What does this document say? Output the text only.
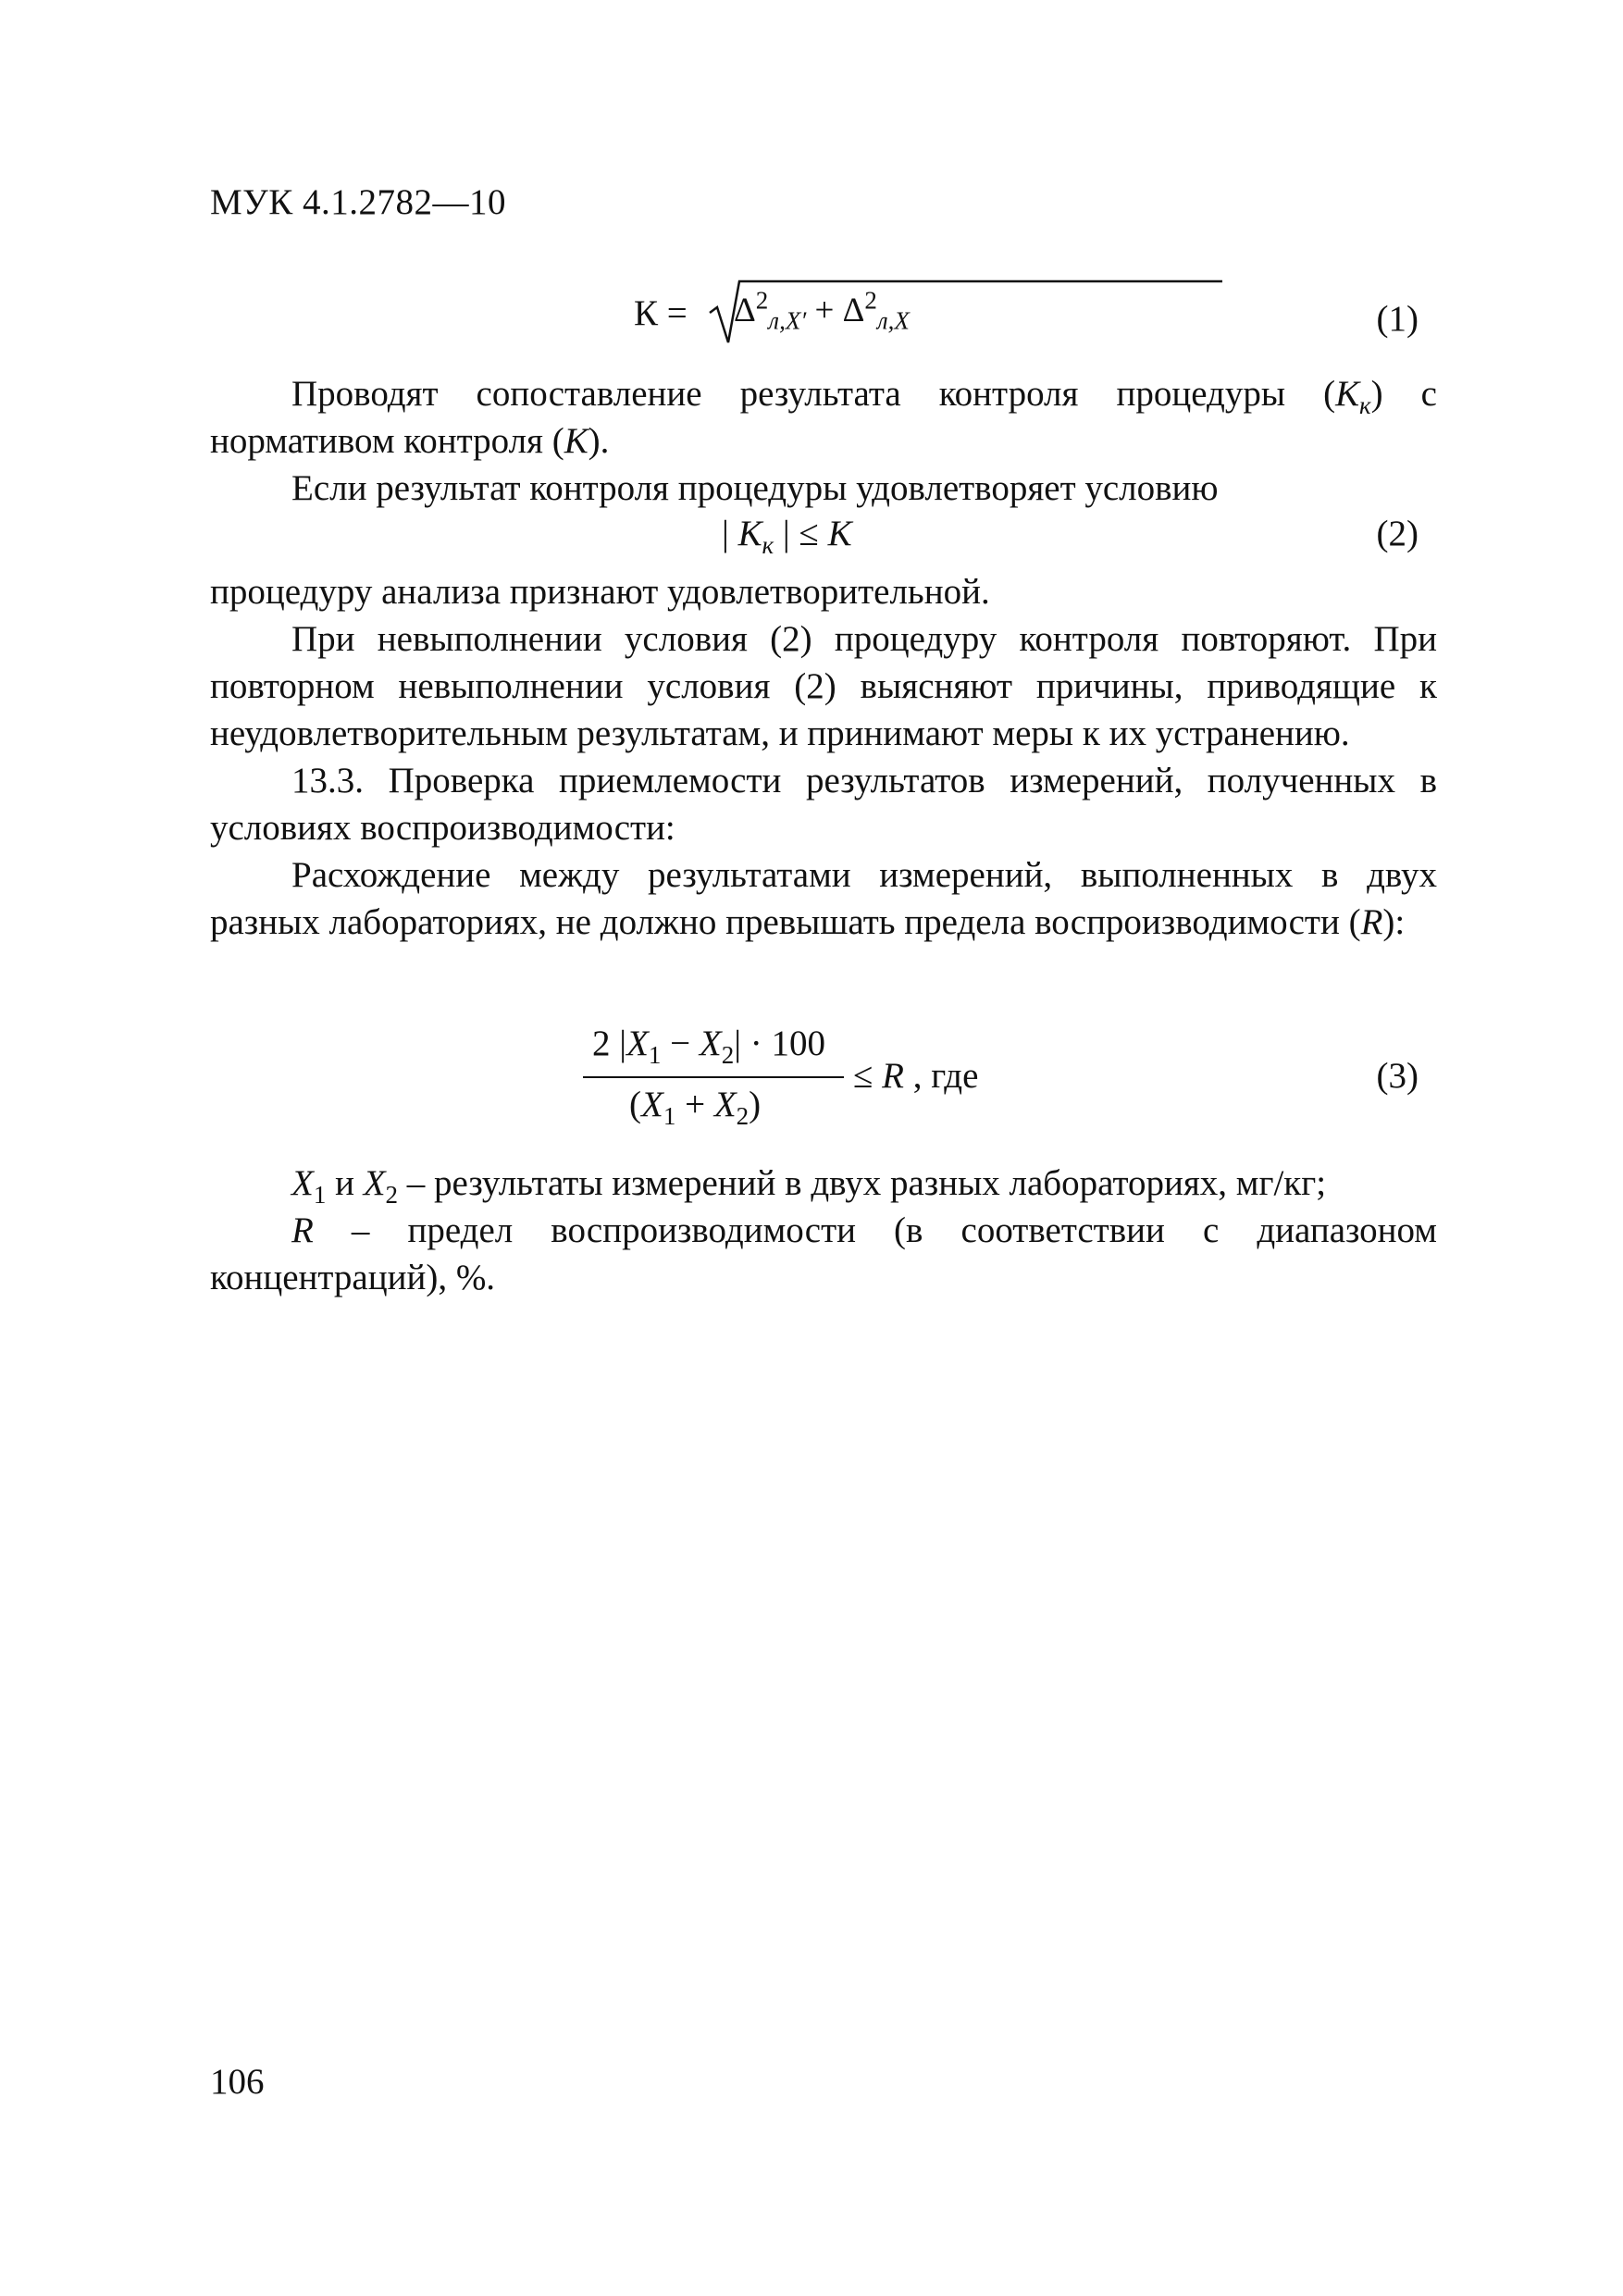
МУК 4.1.2782—10
$К = \Delta^2_{л,X'} + \Delta^2_{л,X}$	(1)

Проводят сопоставление результата контроля процедуры $(К_к)$ с нормативом контроля (К).

Если результат контроля процедуры удовлетворяет условию

| $К_к$ | ≤ К	(2)

процедуру анализа признают удовлетворительной.

При невыполнении условия (2) процедуру контроля повторяют. При повторном невыполнении условия (2) выясняют причины, приводящие к неудовлетворительным результатам, и принимают меры к их устранению.

13.3. Проверка приемлемости результатов измерений, полученных в условиях воспроизводимости:

Расхождение между результатами измерений, выполненных в двух разных лабораториях, не должно превышать предела воспроизводимости (R):

2 $|X_1 - X_2| \cdot 100$
$(X_1 + X_2)$
≤ R , где	(3)

$X_1$ и $X_2$ – результаты измерений в двух разных лабораториях, мг/кг;

R – предел воспроизводимости (в соответствии с диапазоном концентраций), %.

106
